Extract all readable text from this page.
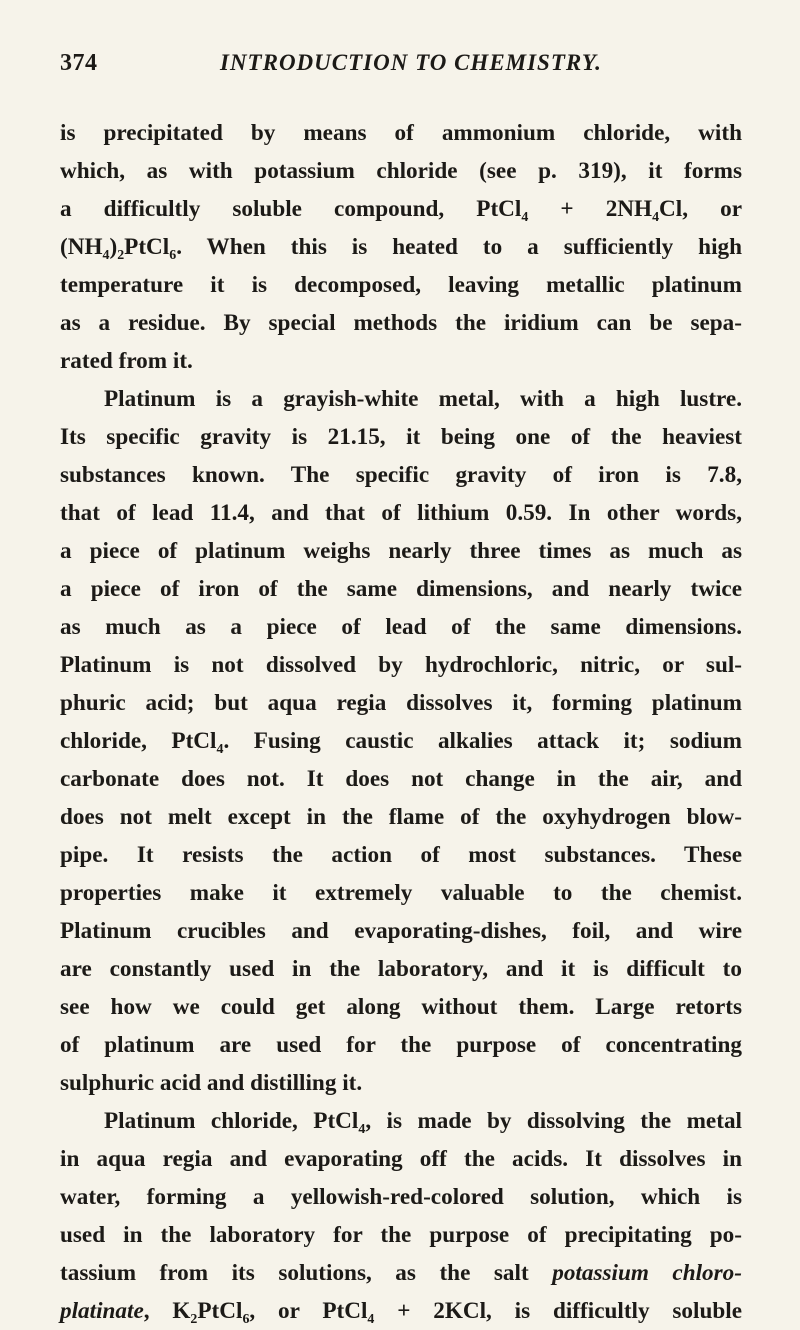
374	INTRODUCTION TO CHEMISTRY.
is precipitated by means of ammonium chloride, with
which, as with potassium chloride (see p. 319), it forms
a difficultly soluble compound, PtCl$_4$ + $2NH_4Cl$, or
$(NH_4)_2PtCl_6$. When this is heated to a sufficiently high
temperature it is decomposed, leaving metallic platinum
as a residue. By special methods the iridium can be sepa-
rated from it.
Platinum is a grayish-white metal, with a high lustre.
Its specific gravity is 21.15, it being one of the heaviest
substances known. The specific gravity of iron is 7.8,
that of lead 11.4, and that of lithium 0.59. In other words,
a piece of platinum weighs nearly three times as much as
a piece of iron of the same dimensions, and nearly twice
as much as a piece of lead of the same dimensions.
Platinum is not dissolved by hydrochloric, nitric, or sul-
phuric acid; but aqua regia dissolves it, forming platinum
chloride, PtCl$_4$. Fusing caustic alkalies attack it; sodium
carbonate does not. It does not change in the air, and
does not melt except in the flame of the oxyhydrogen blow-
pipe. It resists the action of most substances. These
properties make it extremely valuable to the chemist.
Platinum crucibles and evaporating-dishes, foil, and wire
are constantly used in the laboratory, and it is difficult to
see how we could get along without them. Large retorts
of platinum are used for the purpose of concentrating
sulphuric acid and distilling it.
Platinum chloride, PtCl$_4$, is made by dissolving the metal
in aqua regia and evaporating off the acids. It dissolves in
water, forming a yellowish-red-colored solution, which is
used in the laboratory for the purpose of precipitating po-
tassium from its solutions, as the salt potassium chloro-
platinate, $K_2PtCl_6$, or PtCl$_4$ + 2KCl, is difficultly soluble
